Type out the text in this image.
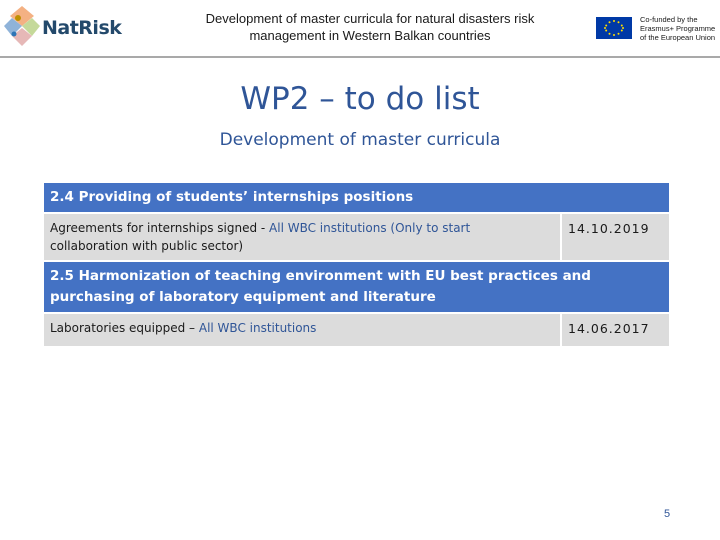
NatRisk	Development of master curricula for natural disasters risk
management in Western Balkan countries
Co-funded by the
Erasmus+ Programme
of the European Union
WP2 – to do list
Development of master curricula
2.4 Providing of students’ internships positions	
Agreements for internships signed - All WBC institutions (Only to start
collaboration with public sector)	14.10.2019
2.5 Harmonization of teaching environment with EU best practices and purchasing of laboratory equipment and literature	
Laboratories equipped – All WBC institutions	14.06.2017
5
